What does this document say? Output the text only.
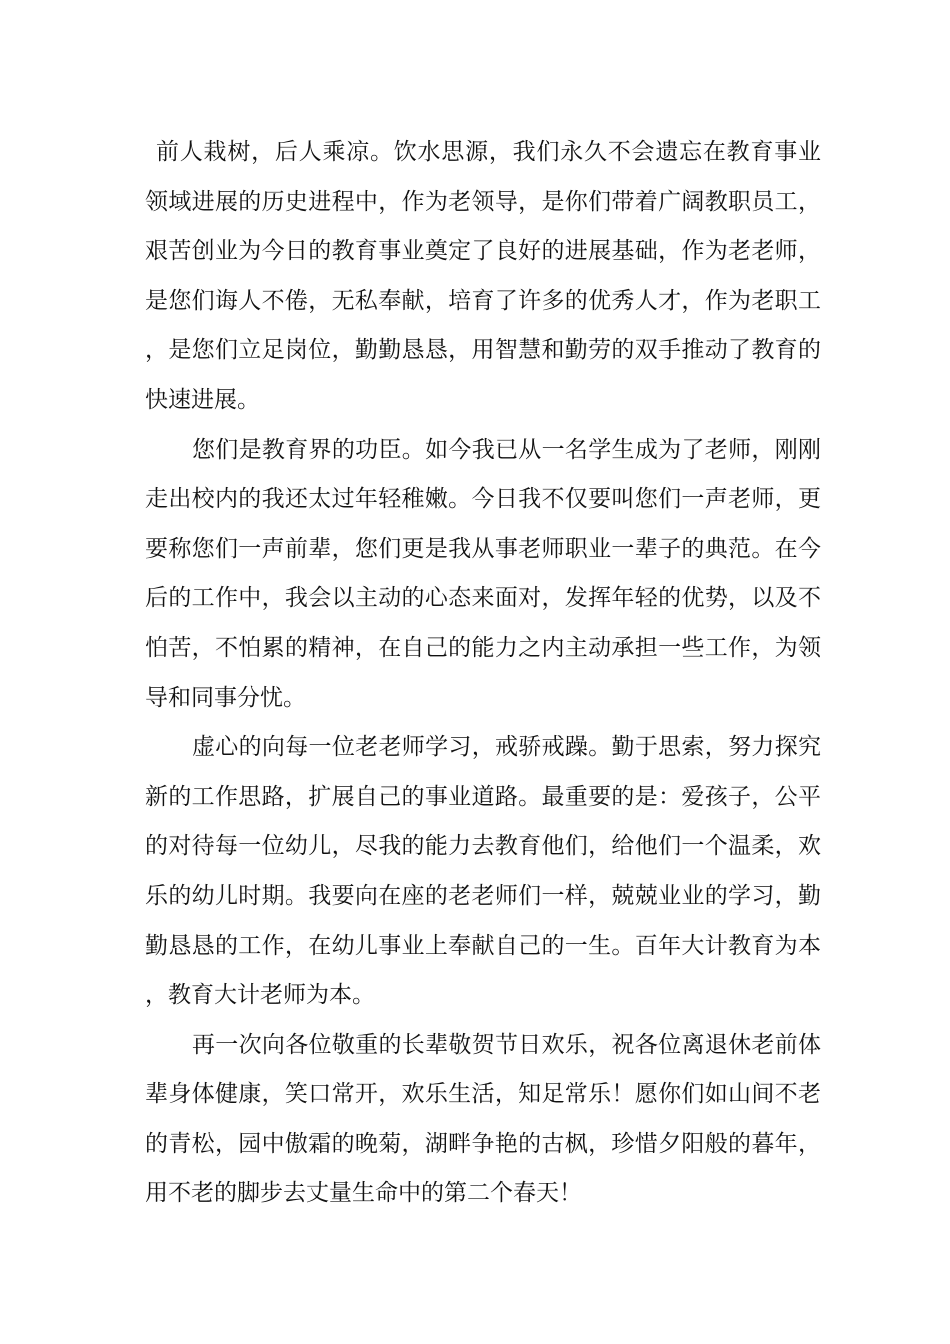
前人栽树，后人乘凉。饮水思源，我们永久不会遗忘在教育事业领域进展的历史进程中，作为老领导，是你们带着广阔教职员工，艰苦创业为今日的教育事业奠定了良好的进展基础，作为老老师，是您们诲人不倦，无私奉献，培育了许多的优秀人才，作为老职工，是您们立足岗位，勤勤恳恳，用智慧和勤劳的双手推动了教育的快速进展。

您们是教育界的功臣。如今我已从一名学生成为了老师，刚刚走出校内的我还太过年轻稚嫩。今日我不仅要叫您们一声老师，更要称您们一声前辈，您们更是我从事老师职业一辈子的典范。在今后的工作中，我会以主动的心态来面对，发挥年轻的优势，以及不怕苦，不怕累的精神，在自己的能力之内主动承担一些工作，为领导和同事分忧。

虚心的向每一位老老师学习，戒骄戒躁。勤于思索，努力探究新的工作思路，扩展自己的事业道路。最重要的是：爱孩子，公平的对待每一位幼儿，尽我的能力去教育他们，给他们一个温柔，欢乐的幼儿时期。我要向在座的老老师们一样，兢兢业业的学习，勤勤恳恳的工作，在幼儿事业上奉献自己的一生。百年大计教育为本，教育大计老师为本。

再一次向各位敬重的长辈敬贺节日欢乐，祝各位离退休老前体辈身体健康，笑口常开，欢乐生活，知足常乐！愿你们如山间不老的青松，园中傲霜的晚菊，湖畔争艳的古枫，珍惜夕阳般的暮年，用不老的脚步去丈量生命中的第二个春天！
